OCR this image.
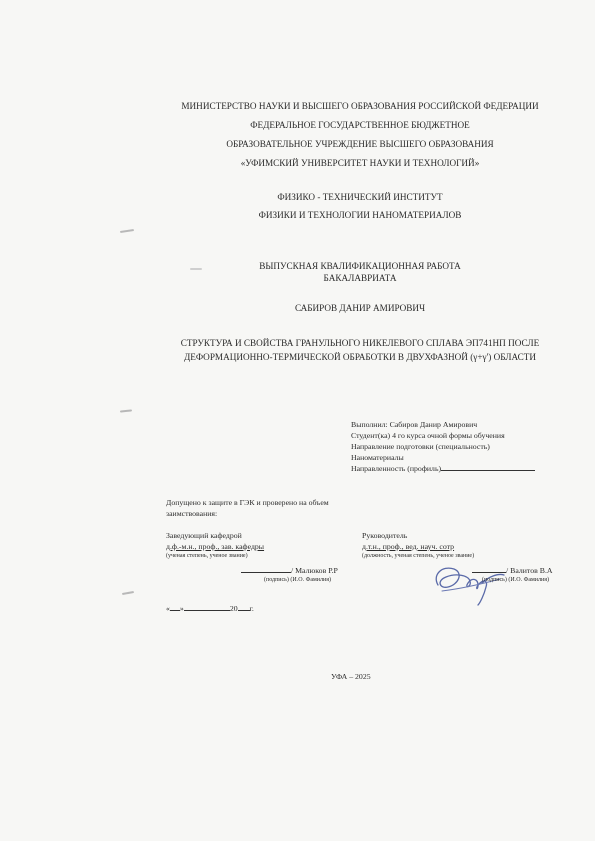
МИНИСТЕРСТВО НАУКИ И ВЫСШЕГО ОБРАЗОВАНИЯ РОССИЙСКОЙ ФЕДЕРАЦИИ
ФЕДЕРАЛЬНОЕ ГОСУДАРСТВЕННОЕ БЮДЖЕТНОЕ
ОБРАЗОВАТЕЛЬНОЕ УЧРЕЖДЕНИЕ ВЫСШЕГО ОБРАЗОВАНИЯ
«УФИМСКИЙ УНИВЕРСИТЕТ НАУКИ И ТЕХНОЛОГИЙ»
ФИЗИКО - ТЕХНИЧЕСКИЙ ИНСТИТУТ
ФИЗИКИ И ТЕХНОЛОГИИ НАНОМАТЕРИАЛОВ
ВЫПУСКНАЯ КВАЛИФИКАЦИОННАЯ РАБОТА
БАКАЛАВРИАТА
САБИРОВ ДАНИР АМИРОВИЧ
СТРУКТУРА И СВОЙСТВА ГРАНУЛЬНОГО НИКЕЛЕВОГО СПЛАВА ЭП741НП ПОСЛЕ
ДЕФОРМАЦИОННО-ТЕРМИЧЕСКОЙ ОБРАБОТКИ В ДВУХФАЗНОЙ (γ+γ') ОБЛАСТИ
Выполнил: Сабиров Данир Амирович
Студент(ка) 4 го курса очной формы обучения
Направление подготовки (специальность)
Наноматериалы
Направленность (профиль)
Допущено к защите в ГЭК и проверено на объем
заимствования:
Заведующий кафедрой
д.ф.-м.н., проф., зав. кафедры
(ученая степень, ученое звание)
/ Малюков Р.Р
(подпись) (И.О. Фамилия)
Руководитель
д.т.н., проф., вед. науч. сотр
(должность, ученая степень, ученое звание)
/ Валитов В.А
(подпись) (И.О. Фамилия)
« »	20 г.
УФА – 2025
